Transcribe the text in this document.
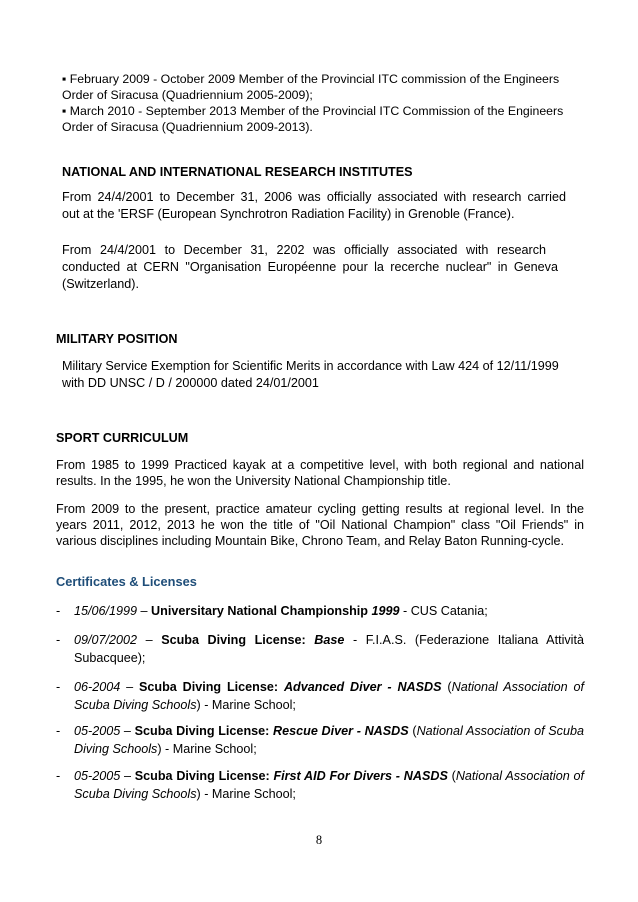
▪ February 2009 - October 2009 Member of the Provincial ITC commission of the Engineers

Order of Siracusa (Quadriennium 2005-2009);

▪ March 2010 - September 2013 Member of the Provincial ITC Commission of the Engineers

Order of Siracusa (Quadriennium 2009-2013).

NATIONAL AND INTERNATIONAL RESEARCH INSTITUTES

From 24/4/2001 to December 31, 2006 was officially associated with research carried

out at the 'ERSF (European Synchrotron Radiation Facility) in Grenoble (France).

From 24/4/2001 to December 31, 2202 was officially associated with research

conducted at CERN "Organisation Européenne pour la recerche nuclear" in Geneva

(Switzerland).

MILITARY POSITION

Military Service Exemption for Scientific Merits in accordance with Law 424 of 12/11/1999

with DD UNSC / D / 200000 dated 24/01/2001

SPORT CURRICULUM

From 1985 to 1999 Practiced kayak at a competitive level, with both regional and national

results. In the 1995, he won the University National Championship title.

From 2009 to the present, practice amateur cycling getting results at regional level. In the

years 2011, 2012, 2013 he won the title of "Oil National Champion" class "Oil Friends" in

various disciplines including Mountain Bike, Chrono Team, and Relay Baton Running-cycle.

Certificates & Licenses

- 15/06/1999 – Universitary National Championship 1999 - CUS Catania;
- 09/07/2002 – Scuba Diving License: Base - F.I.A.S. (Federazione Italiana Attività Subacquee);
- 06-2004 – Scuba Diving License: Advanced Diver - NASDS (National Association of Scuba Diving Schools) - Marine School;
- 05-2005 – Scuba Diving License: Rescue Diver - NASDS (National Association of Scuba Diving Schools) - Marine School;
- 05-2005 – Scuba Diving License: First AID For Divers - NASDS (National Association of Scuba Diving Schools) - Marine School;
8
